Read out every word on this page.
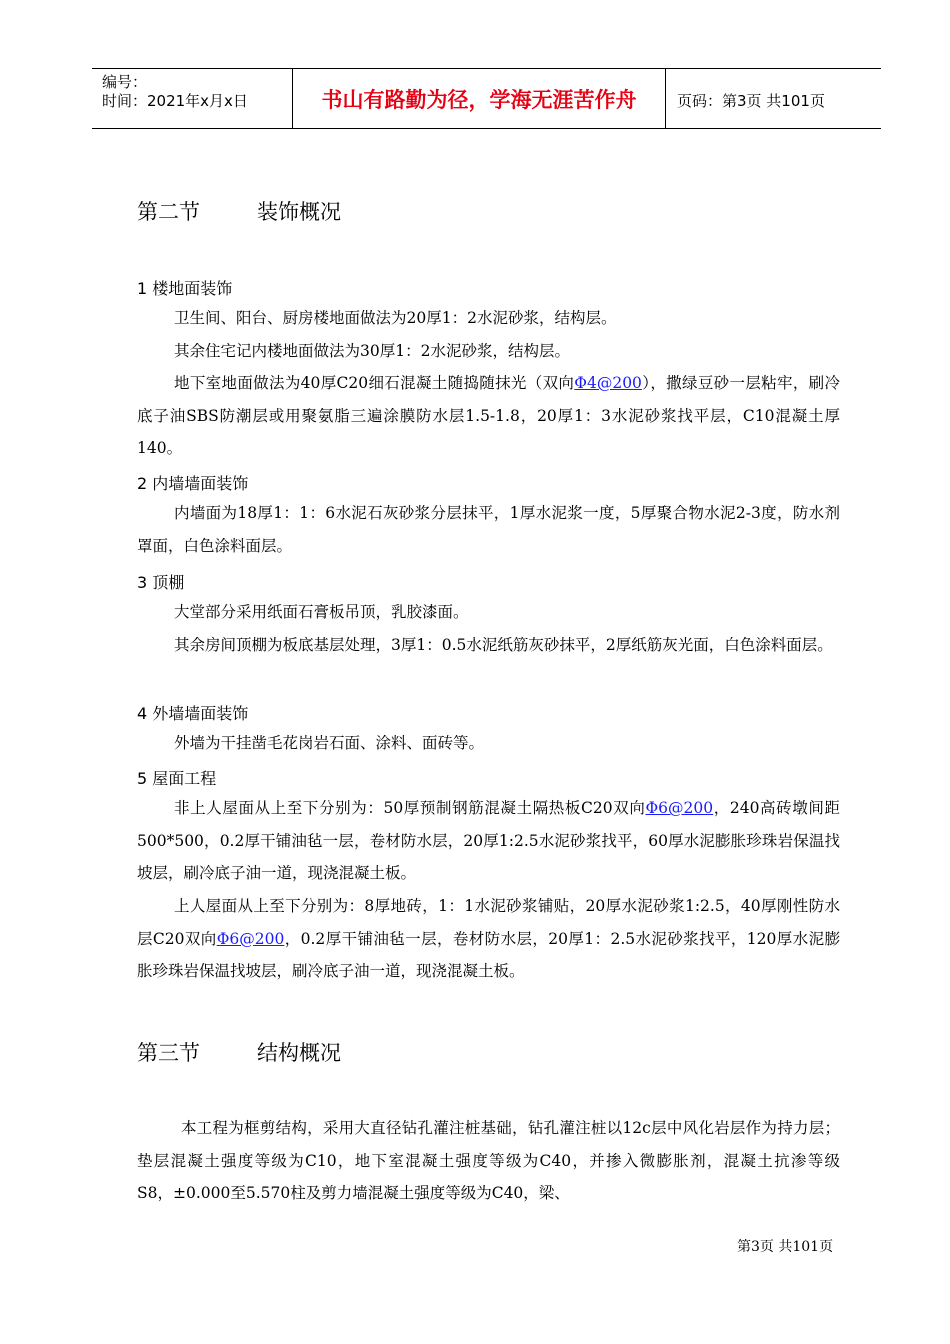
编号：
时间：2021年x月x日	书山有路勤为径，学海无涯苦作舟	页码：第3页 共101页
第二节	装饰概况
1 楼地面装饰

卫生间、阳台、厨房楼地面做法为20厚1：2水泥砂浆，结构层。

其余住宅记内楼地面做法为30厚1：2水泥砂浆，结构层。

地下室地面做法为40厚C20细石混凝土随捣随抹光（双向Φ4@200），撒绿豆砂一层粘牢，刷冷底子油SBS防潮层或用聚氨脂三遍涂膜防水层1.5-1.8，20厚1：3水泥砂浆找平层，C10混凝土厚140。

2 内墙墙面装饰

内墙面为18厚1：1：6水泥石灰砂浆分层抹平，1厚水泥浆一度，5厚聚合物水泥2-3度，防水剂罩面，白色涂料面层。

3 顶棚

大堂部分采用纸面石膏板吊顶，乳胶漆面。

其余房间顶棚为板底基层处理，3厚1：0.5水泥纸筋灰砂抹平，2厚纸筋灰光面，白色涂料面层。

4 外墙墙面装饰

外墙为干挂凿毛花岗岩石面、涂料、面砖等。

5 屋面工程

非上人屋面从上至下分别为：50厚预制钢筋混凝土隔热板C20双向Φ6@200，240高砖墩间距500*500，0.2厚干铺油毡一层，卷材防水层，20厚1:2.5水泥砂浆找平，60厚水泥膨胀珍珠岩保温找坡层，刷冷底子油一道，现浇混凝土板。

上人屋面从上至下分别为：8厚地砖，1：1水泥砂浆铺贴，20厚水泥砂浆1:2.5，40厚刚性防水层C20双向Φ6@200，0.2厚干铺油毡一层，卷材防水层，20厚1：2.5水泥砂浆找平，120厚水泥膨胀珍珠岩保温找坡层，刷冷底子油一道，现浇混凝土板。

第三节	结构概况

本工程为框剪结构，采用大直径钻孔灌注桩基础，钻孔灌注桩以12c层中风化岩层作为持力层；垫层混凝土强度等级为C10，地下室混凝土强度等级为C40，并掺入微膨胀剂，混凝土抗渗等级S8，±0.000至5.570柱及剪力墙混凝土强度等级为C40，梁、

第3页 共101页
